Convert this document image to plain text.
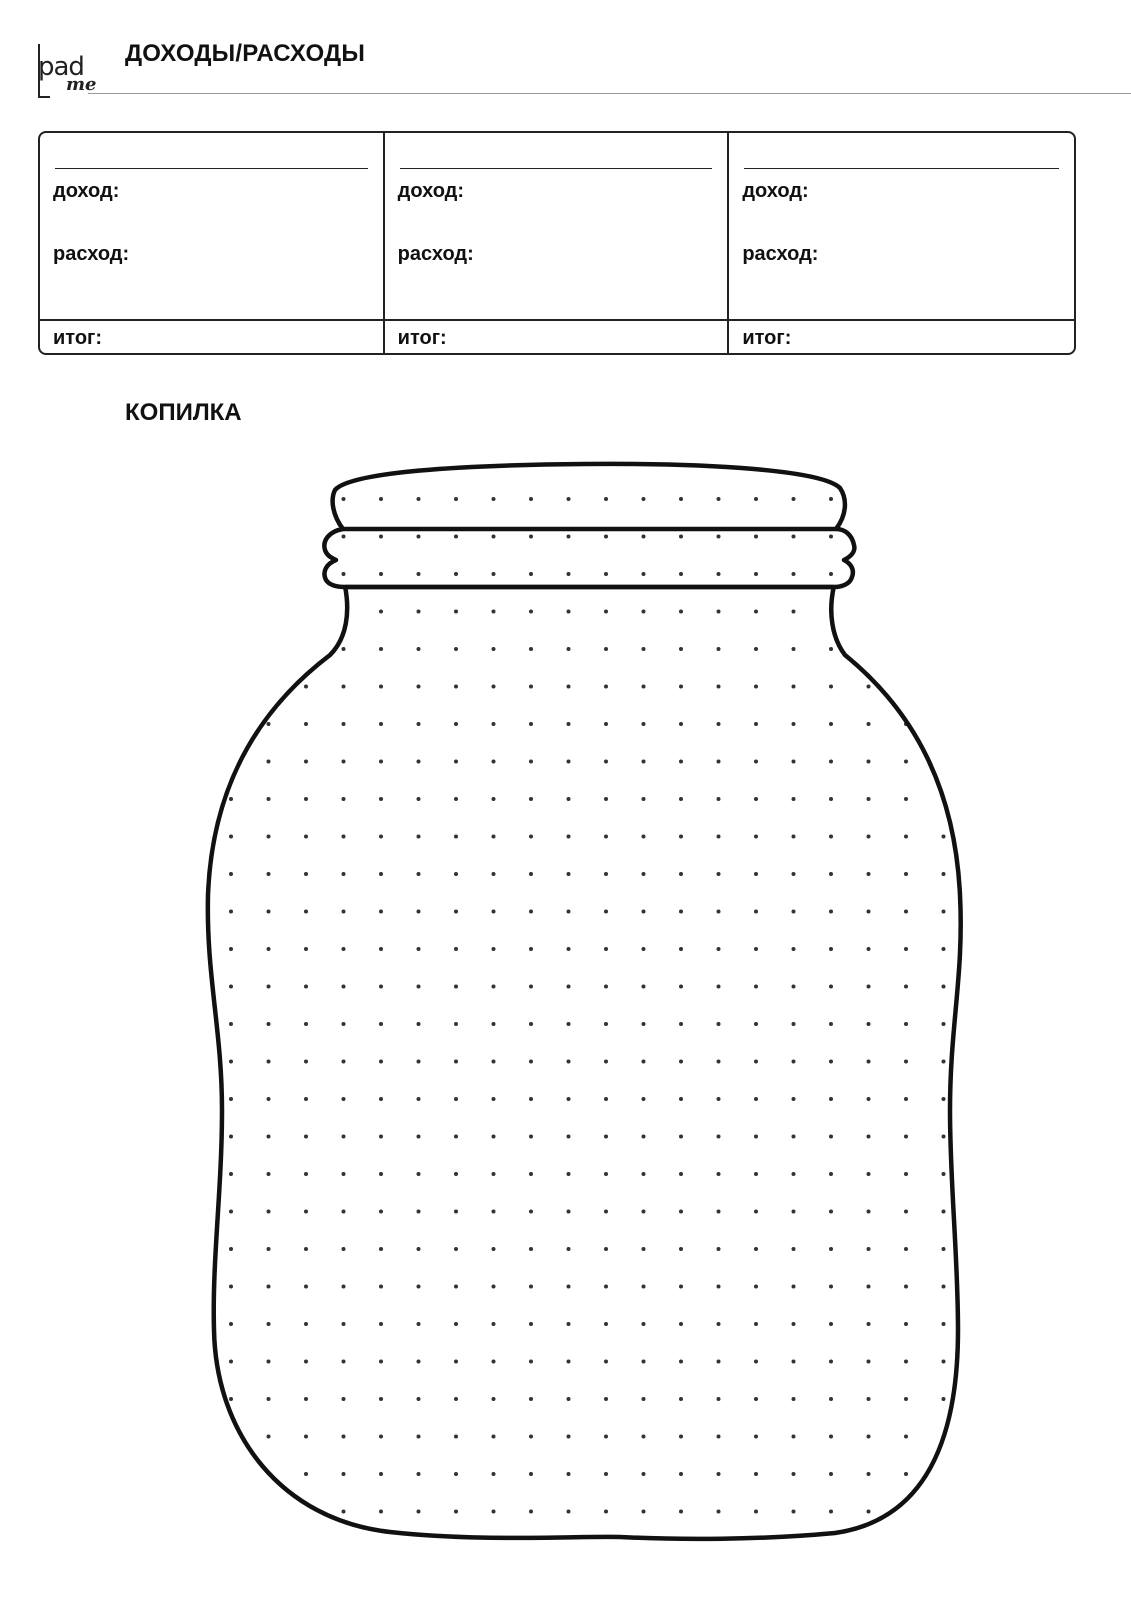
pad
me
ДОХОДЫ/РАСХОДЫ
доход:
расход:
итог:
доход:
расход:
итог:
доход:
расход:
итог:
КОПИЛКА
